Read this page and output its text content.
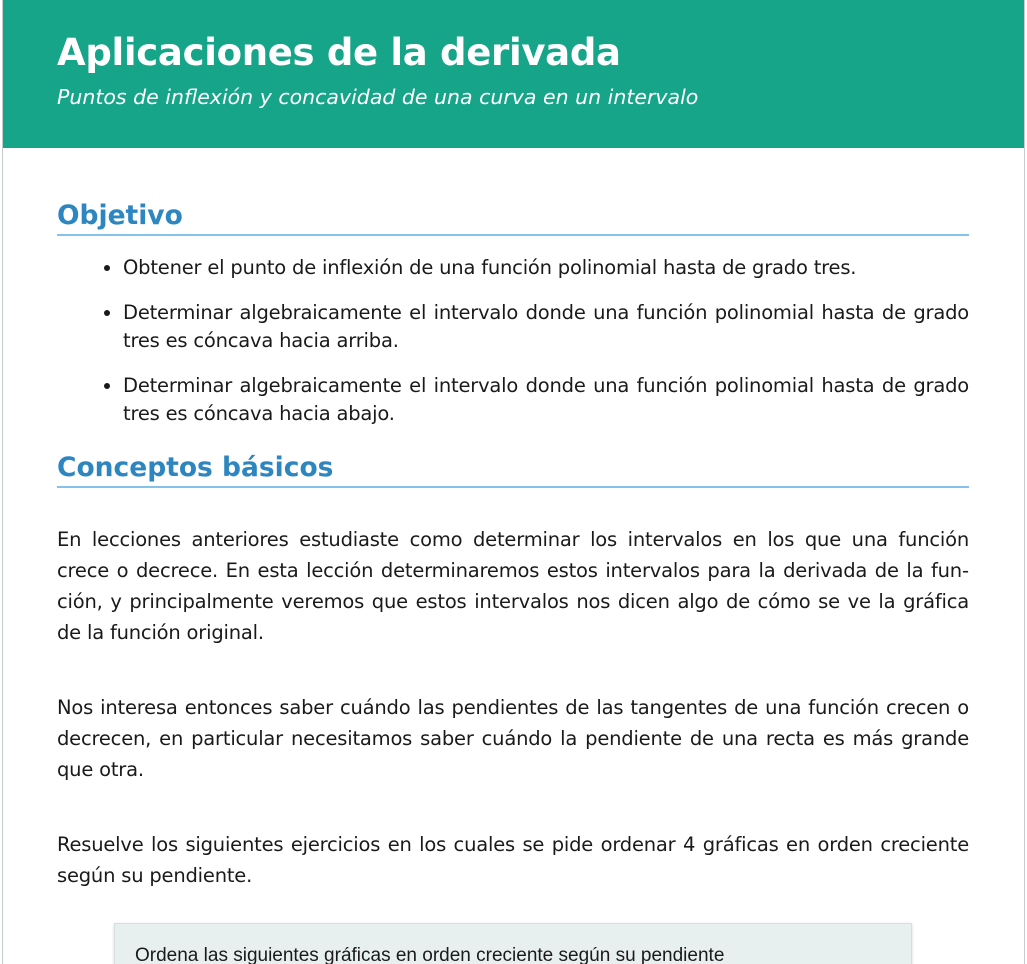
Aplicaciones de la derivada

Puntos de inflexión y concavidad de una curva en un intervalo

Objetivo
• Obtener el punto de inflexión de una función polinomial hasta de grado tres.
• Determinar algebraicamente el intervalo donde una función polinomial hasta de grado tres es cóncava hacia arriba.
• Determinar algebraicamente el intervalo donde una función polinomial hasta de grado tres es cóncava hacia abajo.
Conceptos básicos

En lecciones anteriores estudiaste como determinar los intervalos en los que una función crece o decrece. En esta lección determinaremos estos intervalos para la derivada de la función, y principalmente veremos que estos intervalos nos dicen algo de cómo se ve la gráfica de la función original.

Nos interesa entonces saber cuándo las pendientes de las tangentes de una función crecen o decrecen, en particular necesitamos saber cuándo la pendiente de una recta es más grande que otra.

Resuelve los siguientes ejercicios en los cuales se pide ordenar 4 gráficas en orden creciente según su pendiente.

Ordena las siguientes gráficas en orden creciente según su pendiente
